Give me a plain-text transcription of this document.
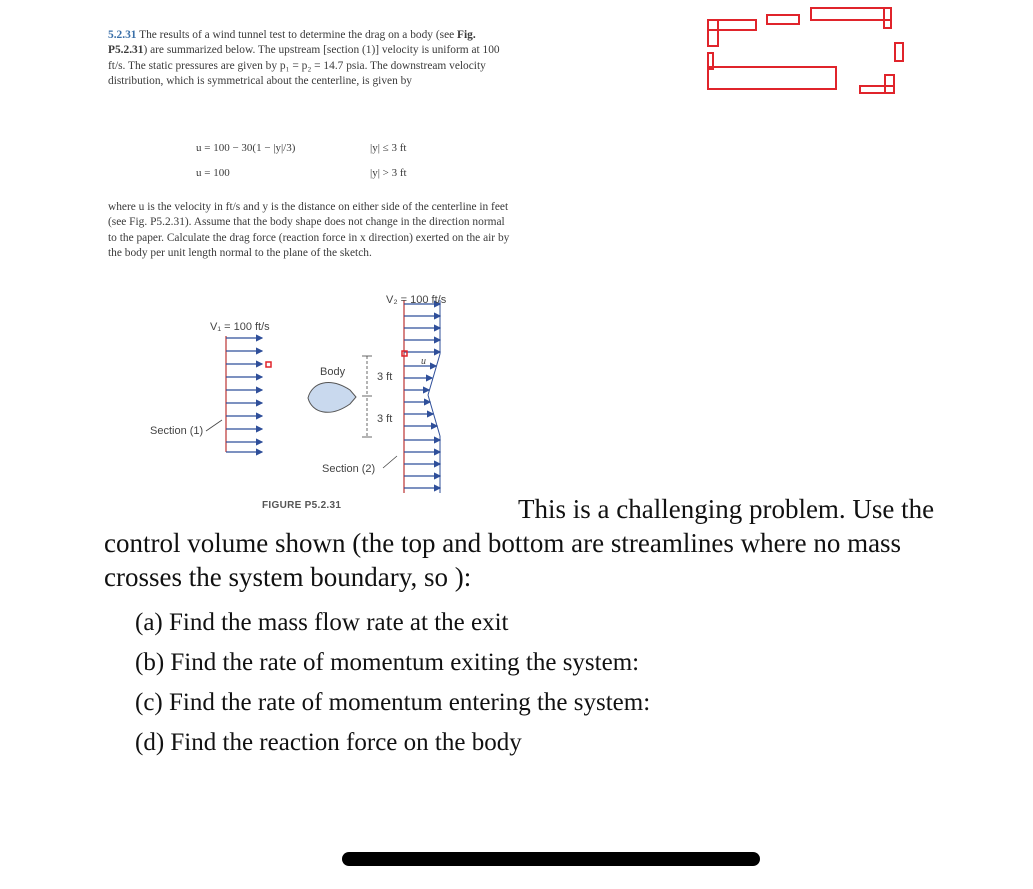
5.2.31 The results of a wind tunnel test to determine the drag on a body (see Fig. P5.2.31) are summarized below. The upstream [section (1)] velocity is uniform at 100 ft/s. The static pressures are given by p₁ = p₂ = 14.7 psia. The downstream velocity distribution, which is symmetrical about the centerline, is given by
u = 100 − 30(1 − |y|/3)	|y| ≤ 3 ft
u = 100	|y| > 3 ft
where u is the velocity in ft/s and y is the distance on either side of the centerline in feet (see Fig. P5.2.31). Assume that the body shape does not change in the direction normal to the paper. Calculate the drag force (reaction force in x direction) exerted on the air by the body per unit length normal to the plane of the sketch.
V₂ = 100 ft/s
V₁ = 100 ft/s
Body
u
3 ft
3 ft
Section (1)
Section (2)
FIGURE P5.2.31	This is a challenging problem. Use the
control volume shown (the top and bottom are streamlines where no mass crosses the system boundary, so ):
(a) Find the mass flow rate at the exit
(b) Find the rate of momentum exiting the system:
(c) Find the rate of momentum entering the system:
(d) Find the reaction force on the body
